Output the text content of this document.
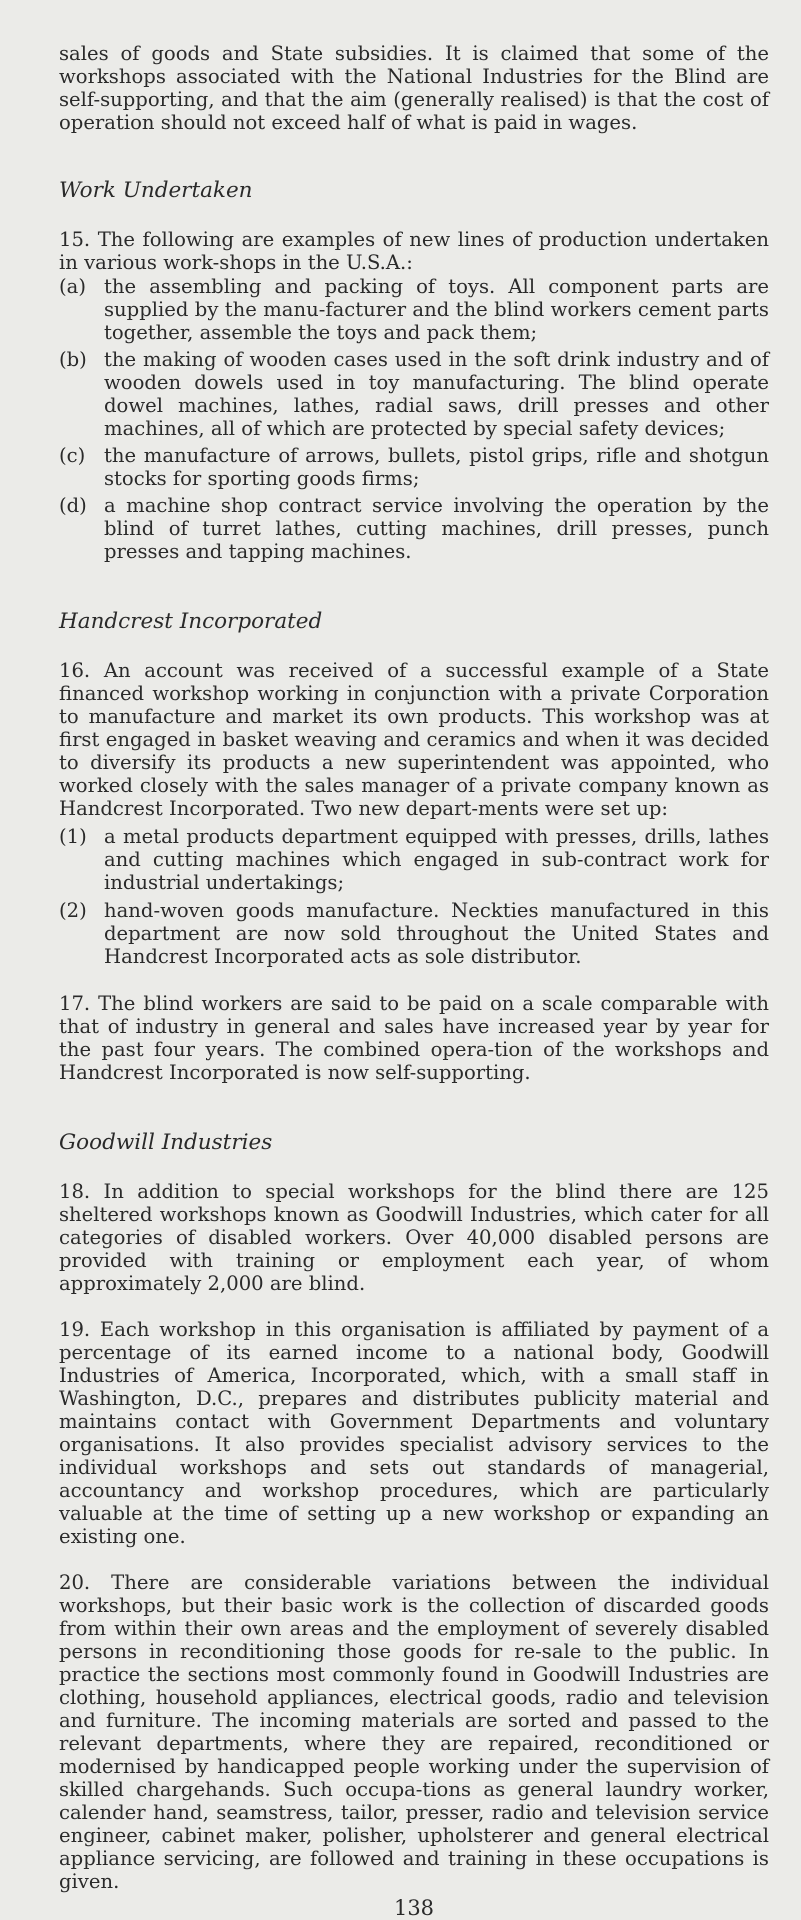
sales of goods and State subsidies. It is claimed that some of the workshops associated with the National Industries for the Blind are self-supporting, and that the aim (generally realised) is that the cost of operation should not exceed half of what is paid in wages.

Work Undertaken

15. The following are examples of new lines of production undertaken in various work-shops in the U.S.A.:

(a) the assembling and packing of toys. All component parts are supplied by the manu-facturer and the blind workers cement parts together, assemble the toys and pack them;
(b) the making of wooden cases used in the soft drink industry and of wooden dowels used in toy manufacturing. The blind operate dowel machines, lathes, radial saws, drill presses and other machines, all of which are protected by special safety devices;
(c) the manufacture of arrows, bullets, pistol grips, rifle and shotgun stocks for sporting goods firms;
(d) a machine shop contract service involving the operation by the blind of turret lathes, cutting machines, drill presses, punch presses and tapping machines.

Handcrest Incorporated

16. An account was received of a successful example of a State financed workshop working in conjunction with a private Corporation to manufacture and market its own products. This workshop was at first engaged in basket weaving and ceramics and when it was decided to diversify its products a new superintendent was appointed, who worked closely with the sales manager of a private company known as Handcrest Incorporated. Two new depart-ments were set up:

(1) a metal products department equipped with presses, drills, lathes and cutting machines which engaged in sub-contract work for industrial undertakings;
(2) hand-woven goods manufacture. Neckties manufactured in this department are now sold throughout the United States and Handcrest Incorporated acts as sole distributor.

17. The blind workers are said to be paid on a scale comparable with that of industry in general and sales have increased year by year for the past four years. The combined opera-tion of the workshops and Handcrest Incorporated is now self-supporting.

Goodwill Industries

18. In addition to special workshops for the blind there are 125 sheltered workshops known as Goodwill Industries, which cater for all categories of disabled workers. Over 40,000 disabled persons are provided with training or employment each year, of whom approximately 2,000 are blind.

19. Each workshop in this organisation is affiliated by payment of a percentage of its earned income to a national body, Goodwill Industries of America, Incorporated, which, with a small staff in Washington, D.C., prepares and distributes publicity material and maintains contact with Government Departments and voluntary organisations. It also provides specialist advisory services to the individual workshops and sets out standards of managerial, accountancy and workshop procedures, which are particularly valuable at the time of setting up a new workshop or expanding an existing one.

20. There are considerable variations between the individual workshops, but their basic work is the collection of discarded goods from within their own areas and the employment of severely disabled persons in reconditioning those goods for re-sale to the public. In practice the sections most commonly found in Goodwill Industries are clothing, household appliances, electrical goods, radio and television and furniture. The incoming materials are sorted and passed to the relevant departments, where they are repaired, reconditioned or modernised by handicapped people working under the supervision of skilled chargehands. Such occupa-tions as general laundry worker, calender hand, seamstress, tailor, presser, radio and television service engineer, cabinet maker, polisher, upholsterer and general electrical appliance servicing, are followed and training in these occupations is given.

138
